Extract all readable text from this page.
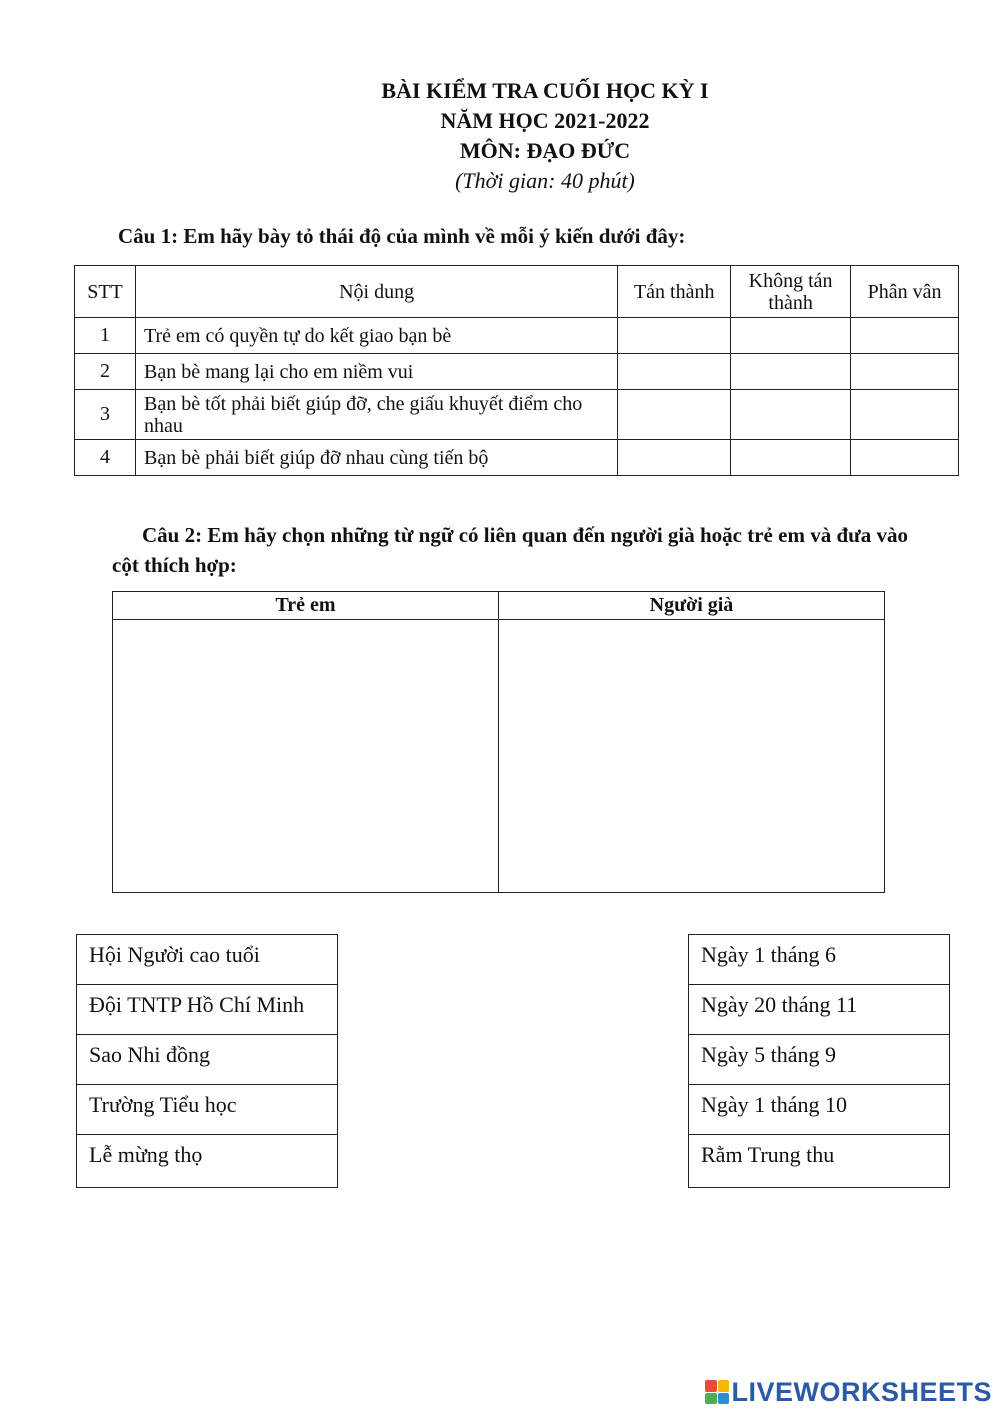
BÀI KIỂM TRA CUỐI HỌC KỲ I
NĂM HỌC 2021-2022
MÔN: ĐẠO ĐỨC
(Thời gian: 40 phút)
Câu 1: Em hãy bày tỏ thái độ của mình về mỗi ý kiến dưới đây:
STT	Nội dung	Tán thành	Không tán thành	Phân vân
1	Trẻ em có quyền tự do kết giao bạn bè			
2	Bạn bè mang lại cho em niềm vui			
3	Bạn bè tốt phải biết giúp đỡ, che giấu khuyết điểm cho nhau			
4	Bạn bè phải biết giúp đỡ nhau cùng tiến bộ			
Câu 2: Em hãy chọn những từ ngữ có liên quan đến người già hoặc trẻ em và đưa vào cột thích hợp:
Trẻ em	Người già

Hội Người cao tuổi
Đội TNTP Hồ Chí Minh
Sao Nhi đồng
Trường Tiểu học
Lễ mừng thọ
Ngày 1 tháng 6
Ngày 20 tháng 11
Ngày 5 tháng 9
Ngày 1 tháng 10
Rằm Trung thu
LIVEWORKSHEETS
